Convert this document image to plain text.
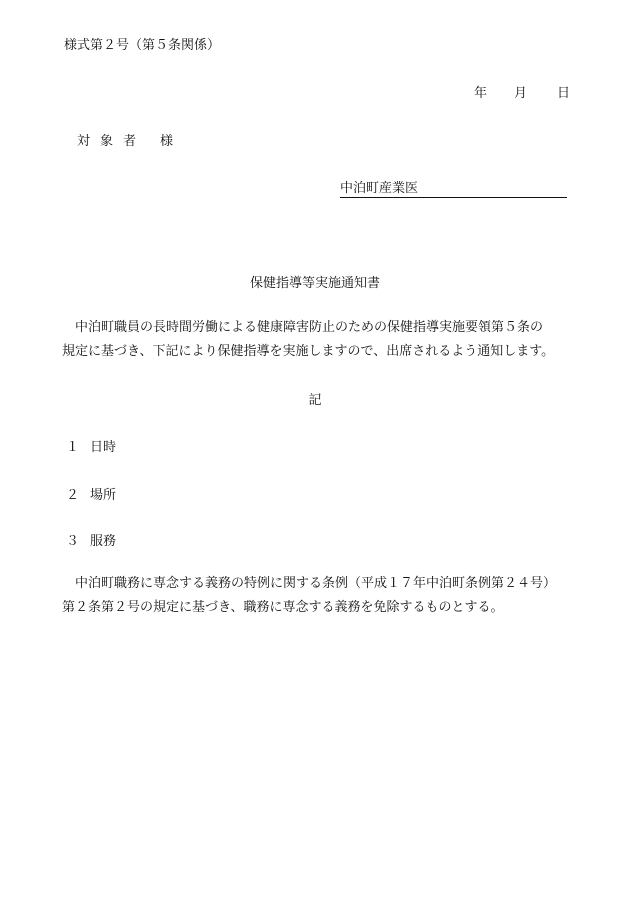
様式第２号（第５条関係）
年 月 日
対 象 者 様
中泊町産業医
保健指導等実施通知書
　中泊町職員の長時間労働による健康障害防止のための保健指導実施要領第５条の
規定に基づき、下記により保健指導を実施しますので、出席されるよう通知します。
記
１ 日時
２ 場所
３ 服務
　中泊町職務に専念する義務の特例に関する条例（平成１７年中泊町条例第２４号）
第２条第２号の規定に基づき、職務に専念する義務を免除するものとする。
